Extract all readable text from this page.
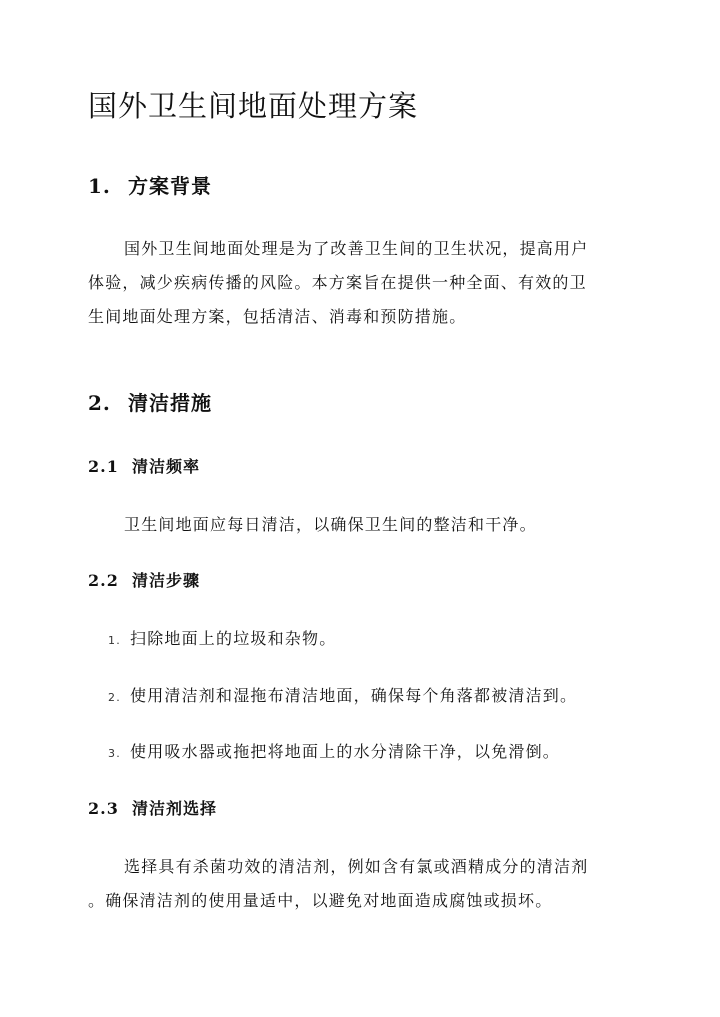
国外卫生间地面处理方案
1. 方案背景
国外卫生间地面处理是为了改善卫生间的卫生状况，提高用户
体验，减少疾病传播的风险。本方案旨在提供一种全面、有效的卫
生间地面处理方案，包括清洁、消毒和预防措施。
2. 清洁措施
2.1 清洁频率
卫生间地面应每日清洁，以确保卫生间的整洁和干净。
2.2 清洁步骤
1. 扫除地面上的垃圾和杂物。
2. 使用清洁剂和湿拖布清洁地面，确保每个角落都被清洁到。
3. 使用吸水器或拖把将地面上的水分清除干净，以免滑倒。
2.3 清洁剂选择
选择具有杀菌功效的清洁剂，例如含有氯或酒精成分的清洁剂
。确保清洁剂的使用量适中，以避免对地面造成腐蚀或损坏。
